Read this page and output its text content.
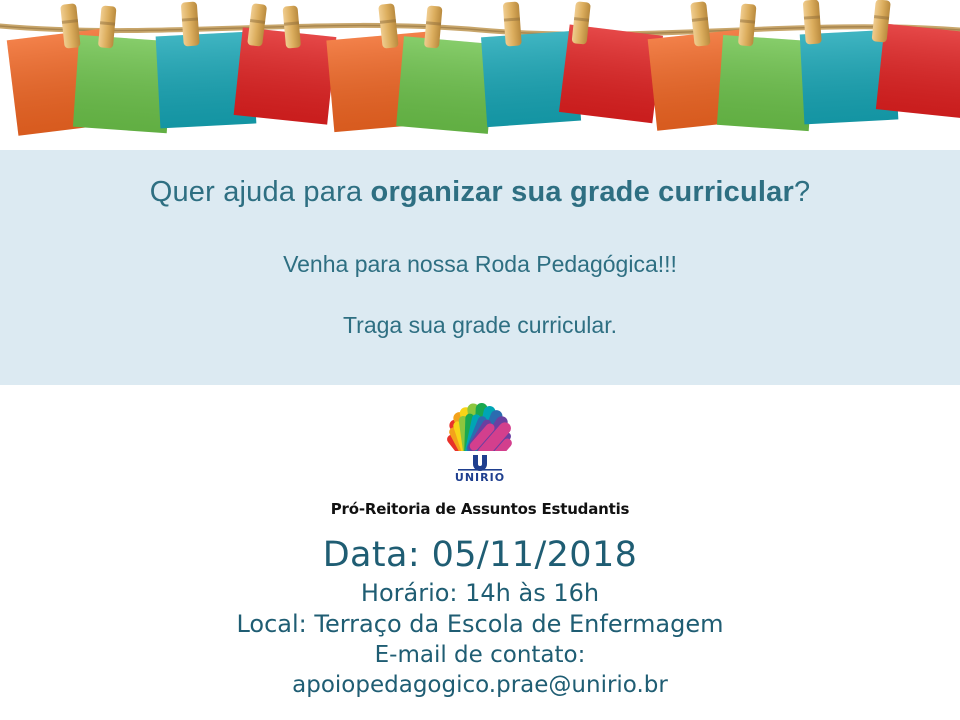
Quer ajuda para organizar sua grade curricular?

Venha para nossa Roda Pedagógica!!!

Traga sua grade curricular.

UNIRIO

Pró-Reitoria de Assuntos Estudantis

Data: 05/11/2018
Horário: 14h às 16h
Local: Terraço da Escola de Enfermagem
E-mail de contato:
apoiopedagogico.prae@unirio.br
